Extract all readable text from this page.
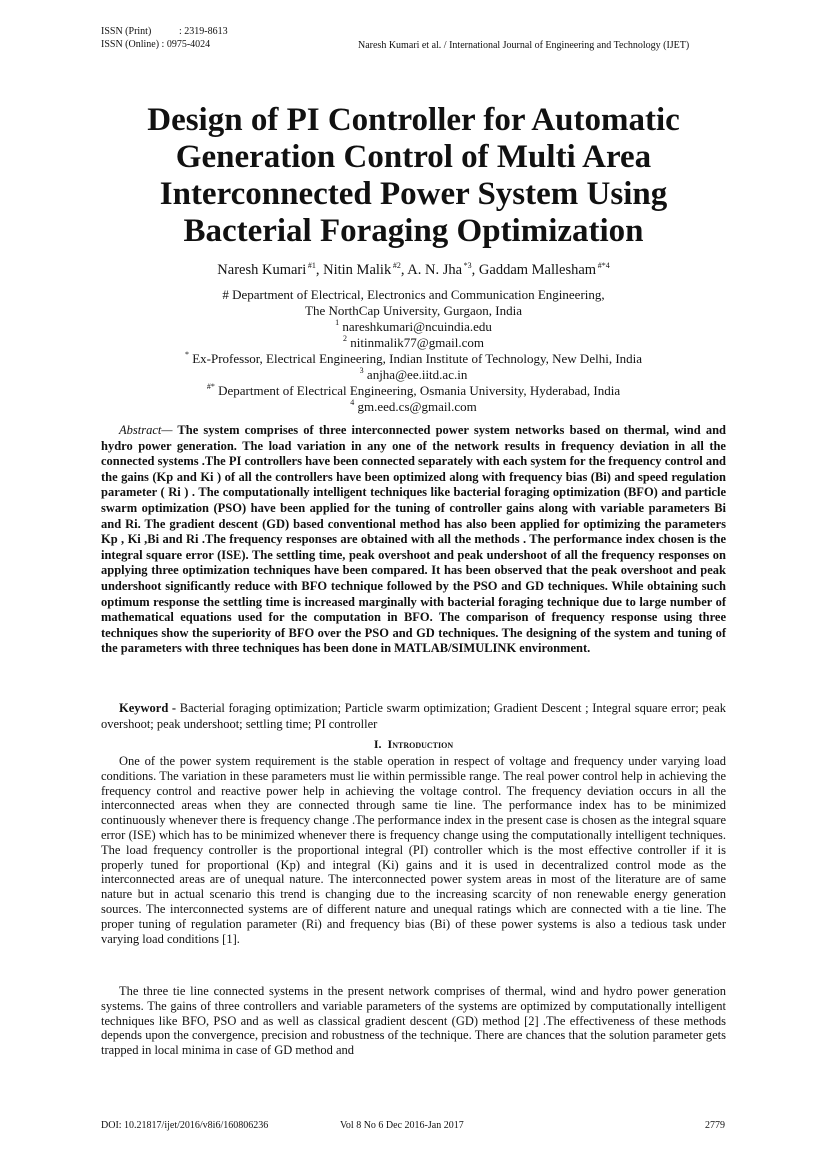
ISSN (Print)	: 2319-8613
ISSN (Online) : 0975-4024	Naresh Kumari et al. / International Journal of Engineering and Technology (IJET)
Design of PI Controller for Automatic
Generation Control of Multi Area
Interconnected Power System Using
Bacterial Foraging Optimization
Naresh Kumari  $^{\#1}$, Nitin Malik  $^{\#2}$, A. N. Jha  $^{*3}$, Gaddam Mallesham  $^{\#*4}$
# Department of Electrical, Electronics and Communication Engineering,
The NorthCap University, Gurgaon, India
$^1$ nareshkumari@ncuindia.edu
$^2$ nitinmalik77@gmail.com
* Ex-Professor, Electrical Engineering, Indian Institute of Technology, New Delhi, India
$^3$ anjha@ee.iitd.ac.in
#* Department of Electrical Engineering, Osmania University, Hyderabad, India
$^4$ gm.eed.cs@gmail.com
Abstract— The system comprises of three interconnected power system networks based on thermal, wind and hydro power generation. The load variation in any one of the network results in frequency deviation in all the connected systems .The PI controllers have been connected separately with each system for the frequency control and the gains (Kp and Ki ) of all the controllers have been optimized along with frequency bias (Bi) and speed regulation parameter ( Ri ) . The computationally intelligent techniques like bacterial foraging optimization (BFO) and particle swarm optimization (PSO) have been applied for the tuning of controller gains along with variable parameters Bi and Ri. The gradient descent (GD) based conventional method has also been applied for optimizing the parameters Kp , Ki ,Bi and Ri .The frequency responses are obtained with all the methods . The performance index chosen is the integral square error (ISE). The settling time, peak overshoot and peak undershoot of all the frequency responses on applying three optimization techniques have been compared. It has been observed that the peak overshoot and peak undershoot significantly reduce with BFO technique followed by the PSO and GD techniques. While obtaining such optimum response the settling time is increased marginally with bacterial foraging technique due to large number of mathematical equations used for the computation in BFO. The comparison of frequency response using three techniques show the superiority of BFO over the PSO and GD techniques. The designing of the system and tuning of the parameters with three techniques has been done in MATLAB/SIMULINK environment.
Keyword - Bacterial foraging optimization; Particle swarm optimization; Gradient Descent ; Integral square error; peak overshoot; peak undershoot; settling time; PI controller
I. Introduction
One of the power system requirement is the stable operation in respect of voltage and frequency under varying load conditions. The variation in these parameters must lie within permissible range. The real power control help in achieving the frequency control and reactive power help in achieving the voltage control. The frequency deviation occurs in all the interconnected areas when they are connected through same tie line. The performance index has to be minimized continuously whenever there is frequency change .The performance index in the present case is chosen as the integral square error (ISE) which has to be minimized whenever there is frequency change using the computationally intelligent techniques. The load frequency controller is the proportional integral (PI) controller which is the most effective controller if it is properly tuned for proportional (Kp) and integral (Ki) gains and it is used in decentralized control mode as the interconnected areas are of unequal nature. The interconnected power system areas in most of the literature are of same nature but in actual scenario this trend is changing due to the increasing scarcity of non renewable energy generation sources. The interconnected systems are of different nature and unequal ratings which are connected with a tie line. The proper tuning of regulation parameter (Ri) and frequency bias (Bi) of these power systems is also a tedious task under varying load conditions [1].
The three tie line connected systems in the present network comprises of thermal, wind and hydro power generation systems. The gains of three controllers and variable parameters of the systems are optimized by computationally intelligent techniques like BFO, PSO and as well as classical gradient descent (GD) method [2] .The effectiveness of these methods depends upon the convergence, precision and robustness of the technique. There are chances that the solution parameter gets trapped in local minima in case of GD method and
DOI: 10.21817/ijet/2016/v8i6/160806236	Vol 8 No 6 Dec 2016-Jan 2017	2779
